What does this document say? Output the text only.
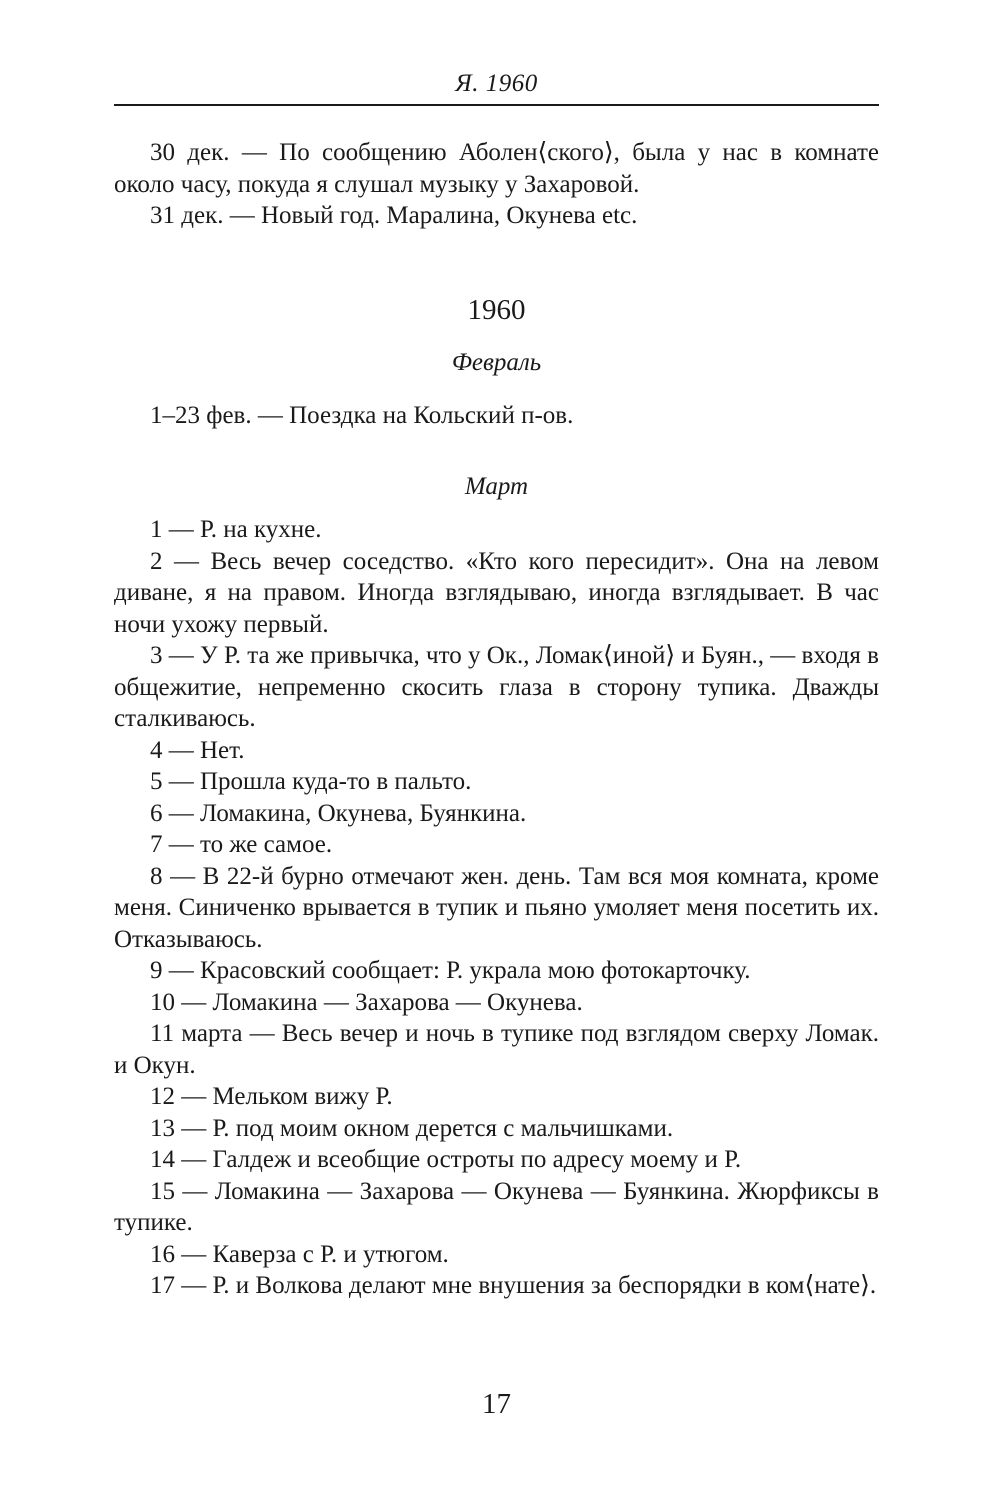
Я. 1960

30 дек. — По сообщению Аболен⟨ского⟩, была у нас в комнате около часу, покуда я слушал музыку у Захаровой.

31 дек. — Новый год. Маралина, Окунева etc.

1960
Февраль

1–23 фев. — Поездка на Кольский п-ов.

Март

1 — Р. на кухне.

2 — Весь вечер соседство. «Кто кого пересидит». Она на левом диване, я на правом. Иногда взглядываю, иногда взглядывает. В час ночи ухожу первый.

3 — У Р. та же привычка, что у Ок., Ломак⟨иной⟩ и Буян., — входя в общежитие, непременно скосить глаза в сторону тупика. Дважды сталкиваюсь.

4 — Нет.

5 — Прошла куда-то в пальто.

6 — Ломакина, Окунева, Буянкина.

7 — то же самое.

8 — В 22-й бурно отмечают жен. день. Там вся моя комната, кроме меня. Синиченко врывается в тупик и пьяно умоляет меня посетить их. Отказываюсь.

9 — Красовский сообщает: Р. украла мою фотокарточку.

10 — Ломакина — Захарова — Окунева.

11 марта — Весь вечер и ночь в тупике под взглядом сверху Ломак. и Окун.

12 — Мельком вижу Р.

13 — Р. под моим окном дерется с мальчишками.

14 — Галдеж и всеобщие остроты по адресу моему и Р.

15 — Ломакина — Захарова — Окунева — Буянкина. Жюрфиксы в тупике.

16 — Каверза с Р. и утюгом.

17 — Р. и Волкова делают мне внушения за беспорядки в ком⟨нате⟩.

17
